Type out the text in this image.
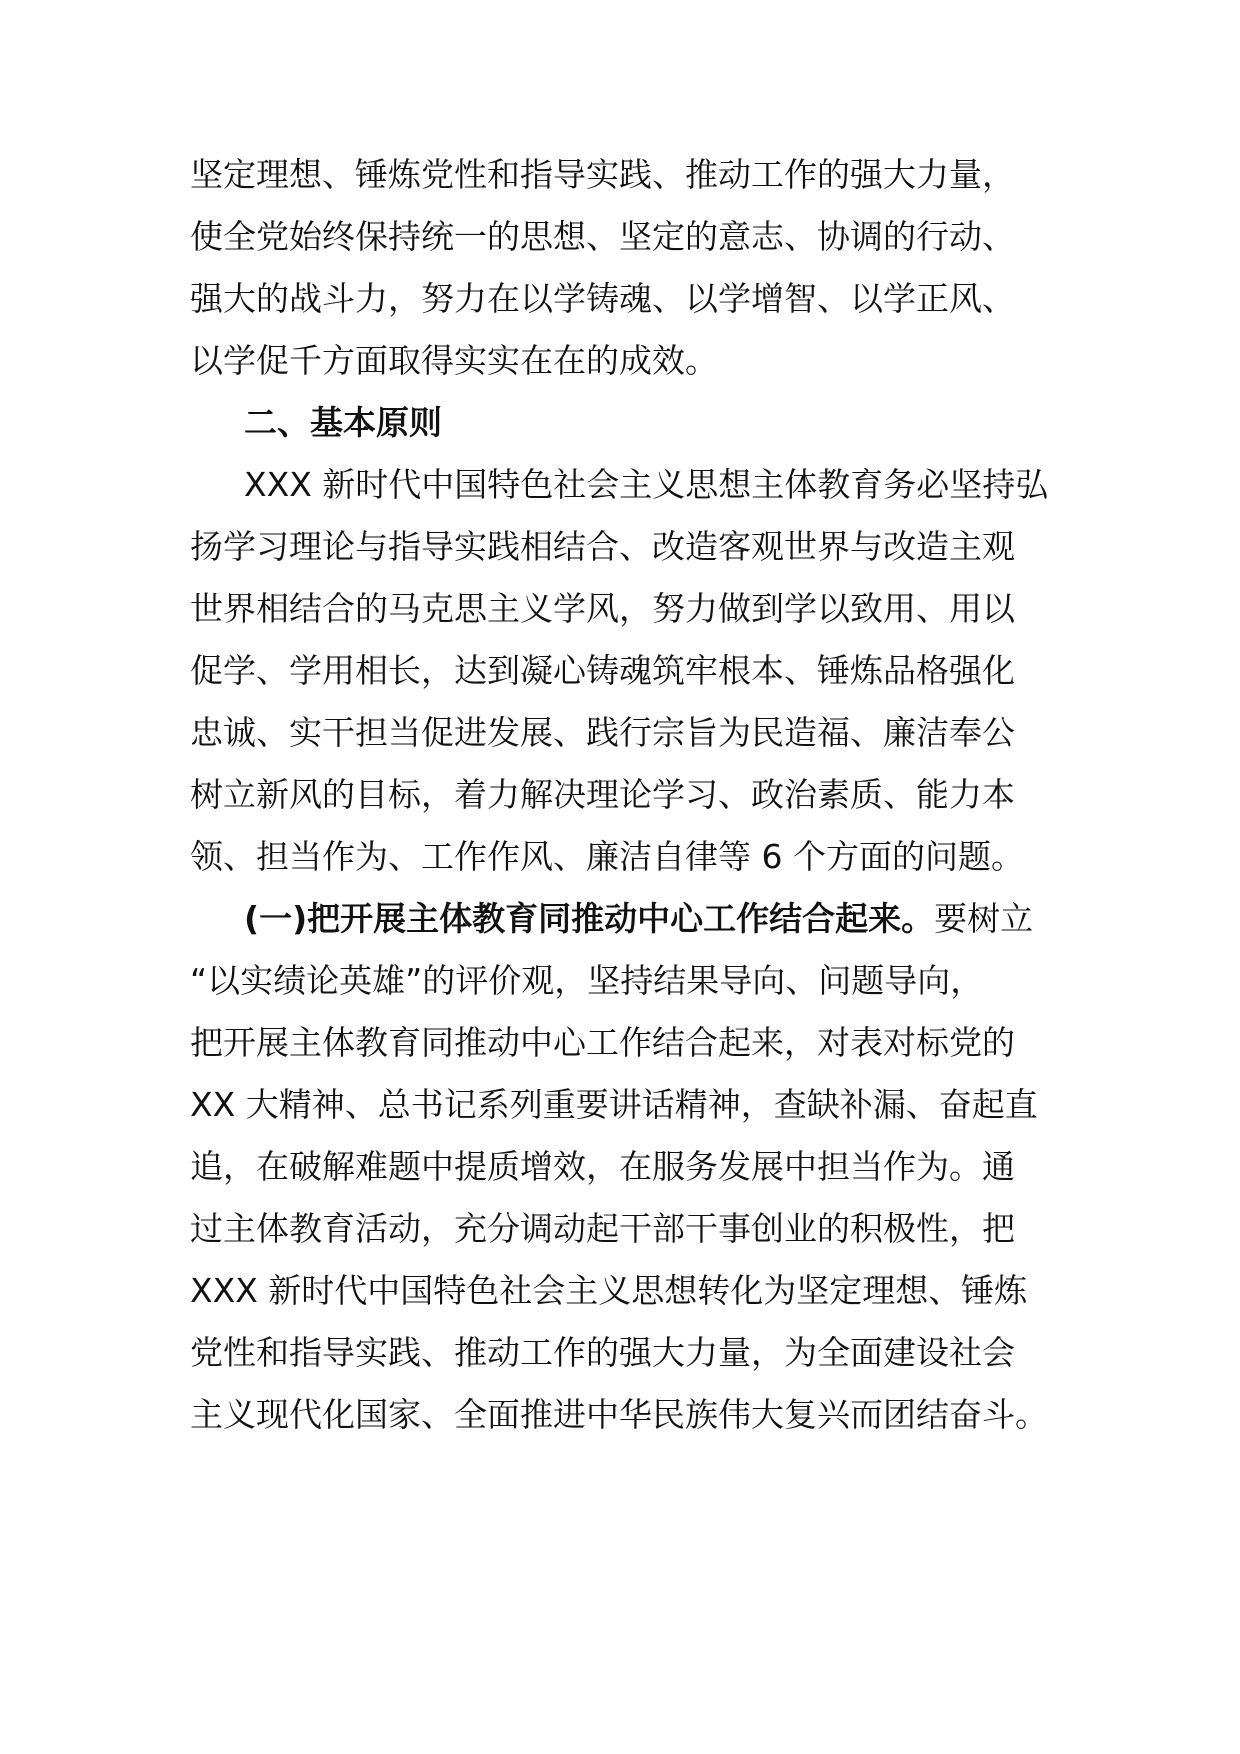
坚定理想、锤炼党性和指导实践、推动工作的强大力量，
使全党始终保持统一的思想、坚定的意志、协调的行动、
强大的战斗力，努力在以学铸魂、以学增智、以学正风、
以学促千方面取得实实在在的成效。
二、基本原则
XXX 新时代中国特色社会主义思想主体教育务必坚持弘
扬学习理论与指导实践相结合、改造客观世界与改造主观
世界相结合的马克思主义学风，努力做到学以致用、用以
促学、学用相长，达到凝心铸魂筑牢根本、锤炼品格强化
忠诚、实干担当促进发展、践行宗旨为民造福、廉洁奉公
树立新风的目标，着力解决理论学习、政治素质、能力本
领、担当作为、工作作风、廉洁自律等 6 个方面的问题。
(一)把开展主体教育同推动中心工作结合起来。要树立
“以实绩论英雄”的评价观，坚持结果导向、问题导向，
把开展主体教育同推动中心工作结合起来，对表对标党的
XX 大精神、总书记系列重要讲话精神，查缺补漏、奋起直
追，在破解难题中提质增效，在服务发展中担当作为。通
过主体教育活动，充分调动起干部干事创业的积极性，把
XXX 新时代中国特色社会主义思想转化为坚定理想、锤炼
党性和指导实践、推动工作的强大力量，为全面建设社会
主义现代化国家、全面推进中华民族伟大复兴而团结奋斗。
